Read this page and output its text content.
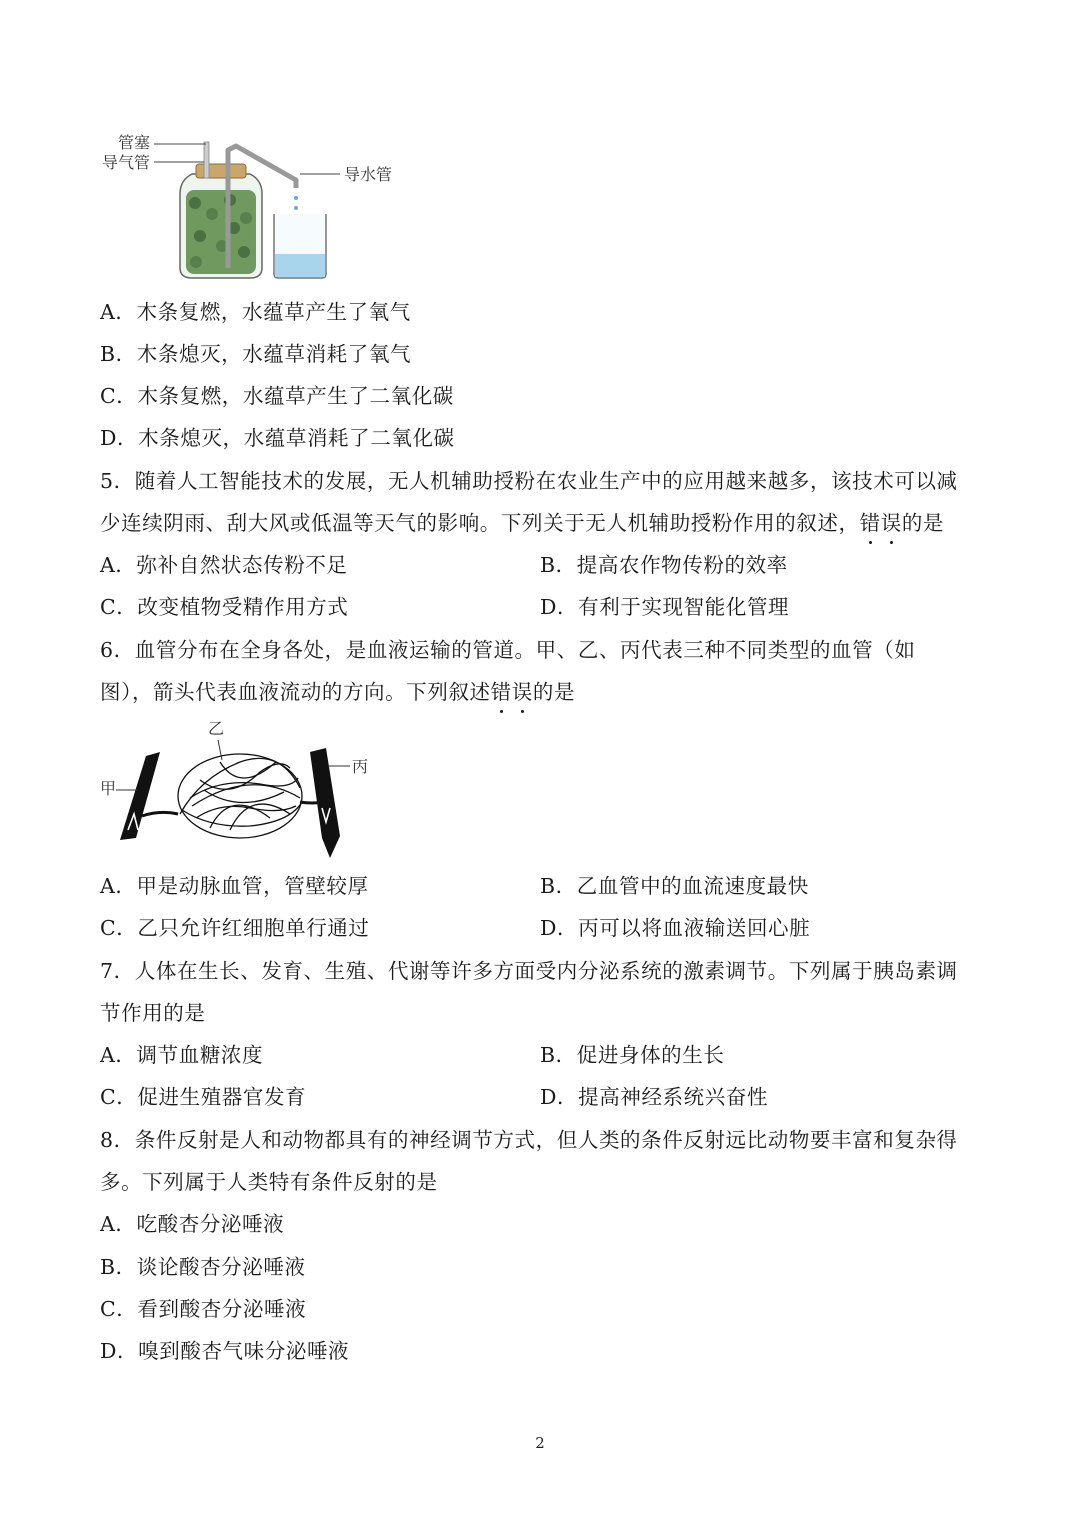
管塞
导气管
导水管
A．木条复燃，水蕴草产生了氧气
B．木条熄灭，水蕴草消耗了氧气
C．木条复燃，水蕴草产生了二氧化碳
D．木条熄灭，水蕴草消耗了二氧化碳
5．随着人工智能技术的发展，无人机辅助授粉在农业生产中的应用越来越多，该技术可以减
少连续阴雨、刮大风或低温等天气的影响。下列关于无人机辅助授粉作用的叙述，错误的是
A．弥补自然状态传粉不足	B．提高农作物传粉的效率
C．改变植物受精作用方式	D．有利于实现智能化管理
6．血管分布在全身各处，是血液运输的管道。甲、乙、丙代表三种不同类型的血管（如
图），箭头代表血液流动的方向。下列叙述错误的是
甲
乙
丙
A．甲是动脉血管，管壁较厚	B．乙血管中的血流速度最快
C．乙只允许红细胞单行通过	D．丙可以将血液输送回心脏
7．人体在生长、发育、生殖、代谢等许多方面受内分泌系统的激素调节。下列属于胰岛素调
节作用的是
A．调节血糖浓度	B．促进身体的生长
C．促进生殖器官发育	D．提高神经系统兴奋性
8．条件反射是人和动物都具有的神经调节方式，但人类的条件反射远比动物要丰富和复杂得
多。下列属于人类特有条件反射的是
A．吃酸杏分泌唾液
B．谈论酸杏分泌唾液
C．看到酸杏分泌唾液
D．嗅到酸杏气味分泌唾液
2
